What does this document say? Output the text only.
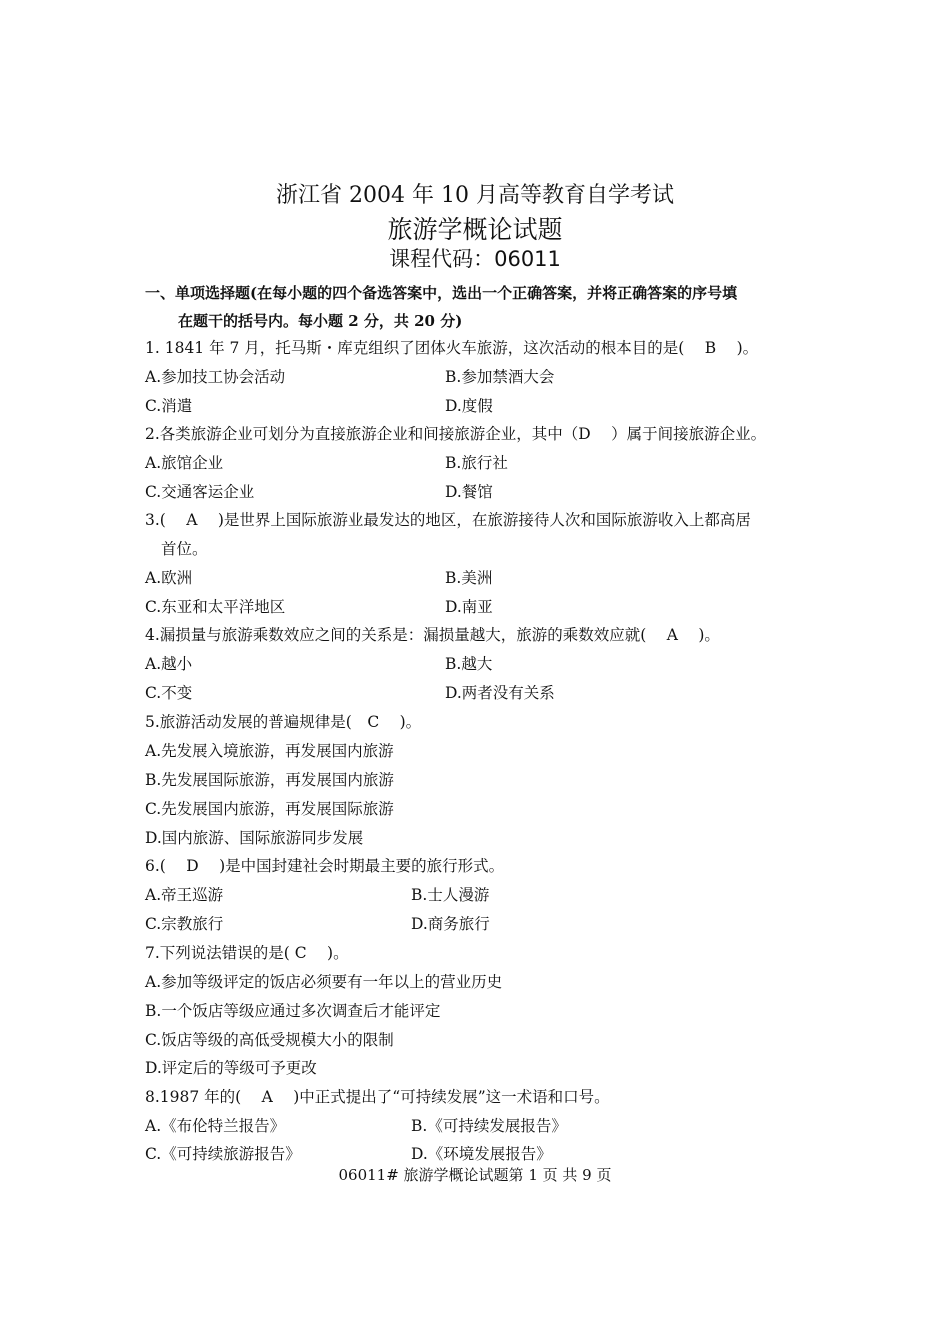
浙江省 2004 年 10 月高等教育自学考试
旅游学概论试题
课程代码：06011
一、单项选择题(在每小题的四个备选答案中，选出一个正确答案，并将正确答案的序号填
在题干的括号内。每小题 2 分，共 20 分)
1. 1841 年 7 月，托马斯・库克组织了团体火车旅游，这次活动的根本目的是(　 B　 )。
A.参加技工协会活动	B.参加禁酒大会
C.消遣	D.度假
2.各类旅游企业可划分为直接旅游企业和间接旅游企业，其中（D　 ）属于间接旅游企业。
A.旅馆企业	B.旅行社
C.交通客运企业	D.餐馆
3.(　 A　 )是世界上国际旅游业最发达的地区，在旅游接待人次和国际旅游收入上都高居
首位。
A.欧洲	B.美洲
C.东亚和太平洋地区	D.南亚
4.漏损量与旅游乘数效应之间的关系是：漏损量越大，旅游的乘数效应就(　 A　 )。
A.越小	B.越大
C.不变	D.两者没有关系
5.旅游活动发展的普遍规律是(　C　 )。
A.先发展入境旅游，再发展国内旅游
B.先发展国际旅游，再发展国内旅游
C.先发展国内旅游，再发展国际旅游
D.国内旅游、国际旅游同步发展
6.(　 D　 )是中国封建社会时期最主要的旅行形式。
A.帝王巡游	B.士人漫游
C.宗教旅行	D.商务旅行
7.下列说法错误的是( C　 )。
A.参加等级评定的饭店必须要有一年以上的营业历史
B.一个饭店等级应通过多次调查后才能评定
C.饭店等级的高低受规模大小的限制
D.评定后的等级可予更改
8.1987 年的(　 A　 )中正式提出了“可持续发展”这一术语和口号。
A.《布伦特兰报告》	B.《可持续发展报告》
C.《可持续旅游报告》	D.《环境发展报告》
06011# 旅游学概论试题第 1 页 共 9 页
